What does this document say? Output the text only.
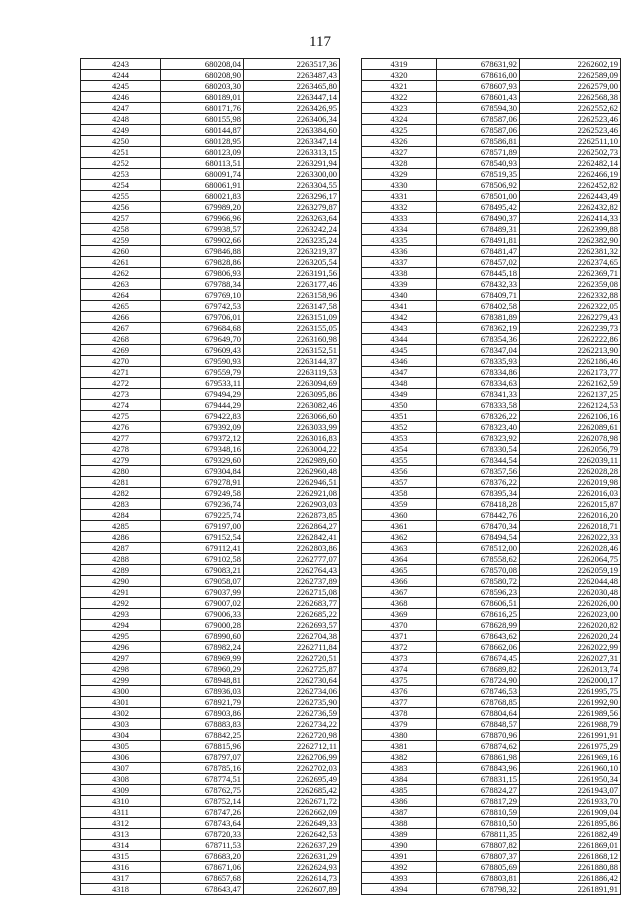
117
4243	680208,04	2263517,36
4244	680208,90	2263487,43
4245	680203,30	2263465,80
4246	680189,01	2263447,14
4247	680171,76	2263426,95
4248	680155,98	2263406,34
4249	680144,87	2263384,60
4250	680128,95	2263347,14
4251	680123,09	2263313,15
4252	680113,51	2263291,94
4253	680091,74	2263300,00
4254	680061,91	2263304,55
4255	680021,83	2263296,17
4256	679989,20	2263279,87
4257	679966,96	2263263,64
4258	679938,57	2263242,24
4259	679902,66	2263235,24
4260	679846,88	2263219,37
4261	679828,86	2263205,54
4262	679806,93	2263191,56
4263	679788,34	2263177,46
4264	679769,10	2263158,96
4265	679742,53	2263147,58
4266	679706,01	2263151,09
4267	679684,68	2263155,05
4268	679649,70	2263160,98
4269	679609,43	2263152,51
4270	679590,93	2263144,37
4271	679559,79	2263119,53
4272	679533,11	2263094,69
4273	679494,29	2263095,86
4274	679444,29	2263082,46
4275	679422,83	2263066,60
4276	679392,09	2263033,99
4277	679372,12	2263016,83
4278	679348,16	2263004,22
4279	679329,60	2262989,60
4280	679304,84	2262960,48
4281	679278,91	2262946,51
4282	679249,58	2262921,08
4283	679236,74	2262903,03
4284	679225,74	2262873,85
4285	679197,00	2262864,27
4286	679152,54	2262842,41
4287	679112,41	2262803,86
4288	679102,58	2262777,07
4289	679083,21	2262764,43
4290	679058,07	2262737,89
4291	679037,99	2262715,08
4292	679007,02	2262683,77
4293	679006,33	2262685,22
4294	679000,28	2262693,57
4295	678990,60	2262704,38
4296	678982,24	2262711,84
4297	678969,99	2262720,51
4298	678960,29	2262725,87
4299	678948,81	2262730,64
4300	678936,03	2262734,06
4301	678921,79	2262735,90
4302	678903,86	2262736,59
4303	678883,83	2262734,22
4304	678842,25	2262720,98
4305	678815,96	2262712,11
4306	678797,07	2262706,99
4307	678785,16	2262702,03
4308	678774,51	2262695,49
4309	678762,75	2262685,42
4310	678752,14	2262671,72
4311	678747,26	2262662,09
4312	678743,64	2262649,33
4313	678720,33	2262642,53
4314	678711,53	2262637,29
4315	678683,20	2262631,29
4316	678671,06	2262624,93
4317	678657,68	2262614,73
4318	678643,47	2262607,89
4319	678631,92	2262602,19
4320	678616,00	2262589,09
4321	678607,93	2262579,00
4322	678601,43	2262568,38
4323	678594,30	2262552,62
4324	678587,06	2262523,46
4325	678587,06	2262523,46
4326	678586,81	2262511,10
4327	678571,89	2262502,73
4328	678540,93	2262482,14
4329	678519,35	2262466,19
4330	678506,92	2262452,82
4331	678501,00	2262443,49
4332	678495,42	2262432,82
4333	678490,37	2262414,33
4334	678489,31	2262399,88
4335	678491,81	2262382,90
4336	678481,47	2262381,32
4337	678457,02	2262374,65
4338	678445,18	2262369,71
4339	678432,33	2262359,08
4340	678409,71	2262332,88
4341	678402,58	2262322,05
4342	678381,89	2262279,43
4343	678362,19	2262239,73
4344	678354,36	2262222,86
4345	678347,04	2262213,90
4346	678335,93	2262186,46
4347	678334,86	2262173,77
4348	678334,63	2262162,59
4349	678341,33	2262137,25
4350	678333,58	2262124,53
4351	678326,22	2262106,16
4352	678323,40	2262089,61
4353	678323,92	2262078,98
4354	678330,54	2262056,79
4355	678344,54	2262039,11
4356	678357,56	2262028,28
4357	678376,22	2262019,98
4358	678395,34	2262016,03
4359	678418,28	2262015,87
4360	678442,76	2262016,20
4361	678470,34	2262018,71
4362	678494,54	2262022,33
4363	678512,00	2262028,46
4364	678558,62	2262064,75
4365	678570,08	2262059,19
4366	678580,72	2262044,48
4367	678596,23	2262030,48
4368	678606,51	2262026,00
4369	678616,25	2262023,00
4370	678628,99	2262020,82
4371	678643,62	2262020,24
4372	678662,06	2262022,99
4373	678674,45	2262027,31
4374	678689,82	2262013,74
4375	678724,90	2262000,17
4376	678746,53	2261995,75
4377	678768,85	2261992,90
4378	678804,64	2261989,56
4379	678848,57	2261988,79
4380	678870,96	2261991,91
4381	678874,62	2261975,29
4382	678861,98	2261969,16
4383	678843,96	2261960,10
4384	678831,15	2261950,34
4385	678824,27	2261943,07
4386	678817,29	2261933,70
4387	678810,59	2261909,04
4388	678810,50	2261895,86
4389	678811,35	2261882,49
4390	678807,82	2261869,01
4391	678807,37	2261868,12
4392	678805,69	2261880,88
4393	678803,81	2261886,42
4394	678798,32	2261891,91
